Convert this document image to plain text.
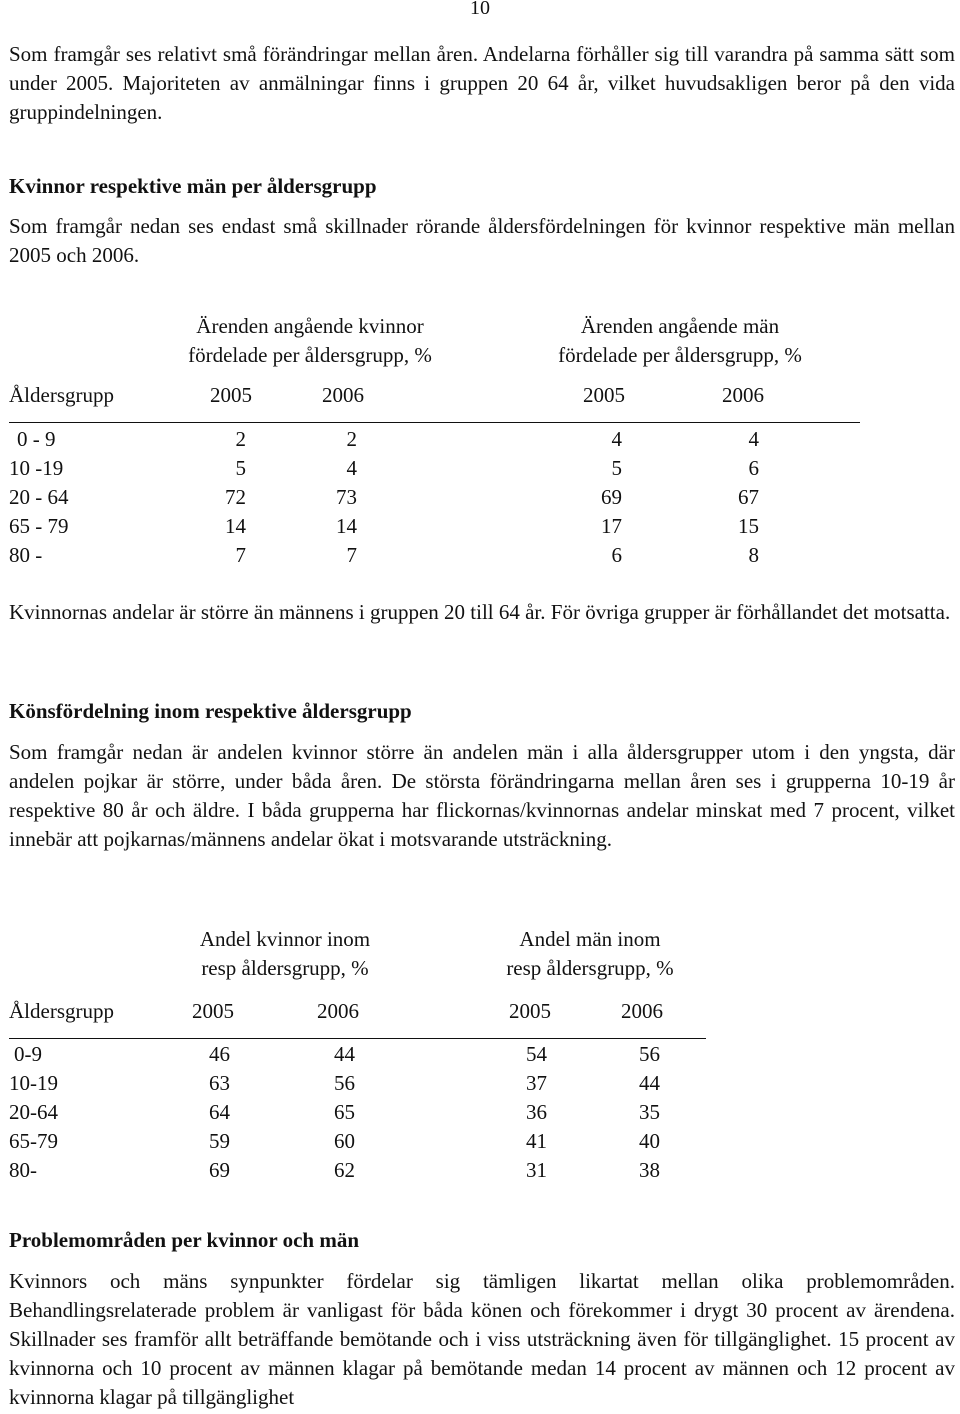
10

Som framgår ses relativt små förändringar mellan åren. Andelarna förhåller sig till varandra på samma sätt som under 2005. Majoriteten av anmälningar finns i gruppen 20 64 år, vilket huvudsakligen beror på den vida gruppindelningen.

Kvinnor respektive män per åldersgrupp

Som framgår nedan ses endast små skillnader rörande åldersfördelningen för kvinnor respektive män mellan 2005 och 2006.

Ärenden angående kvinnor
fördelade per åldersgrupp, %
Ärenden angående män
fördelade per åldersgrupp, %
Åldersgrupp	2005	2006	2005	2006
0 - 9	2	2	4	4
10 -19	5	4	5	6
20 - 64	72	73	69	67
65 - 79	14	14	17	15
80 -	7	7	6	8

Kvinnornas andelar är större än männens i gruppen 20 till 64 år. För övriga grupper är förhållandet det motsatta.

Könsfördelning inom respektive åldersgrupp

Som framgår nedan är andelen kvinnor större än andelen män i alla åldersgrupper utom i den yngsta, där andelen pojkar är större, under båda åren. De största förändringarna mellan åren ses i grupperna 10-19 år respektive 80 år och äldre. I båda grupperna har flickornas/kvinnornas andelar minskat med 7 procent, vilket innebär att pojkarnas/männens andelar ökat i motsvarande utsträckning.

Andel kvinnor inom
resp åldersgrupp, %
Andel män inom
resp åldersgrupp, %
Åldersgrupp	2005	2006	2005	2006
0-9	46	44	54	56
10-19	63	56	37	44
20-64	64	65	36	35
65-79	59	60	41	40
80-	69	62	31	38
Problemområden per kvinnor och män

Kvinnors och mäns synpunkter fördelar sig tämligen likartat mellan olika problemområden. Behandlingsrelaterade problem är vanligast för båda könen och förekommer i drygt 30 procent av ärendena. Skillnader ses framför allt beträffande bemötande och i viss utsträckning även för tillgänglighet. 15 procent av kvinnorna och 10 procent av männen klagar på bemötande medan 14 procent av männen och 12 procent av kvinnorna klagar på tillgänglighet
